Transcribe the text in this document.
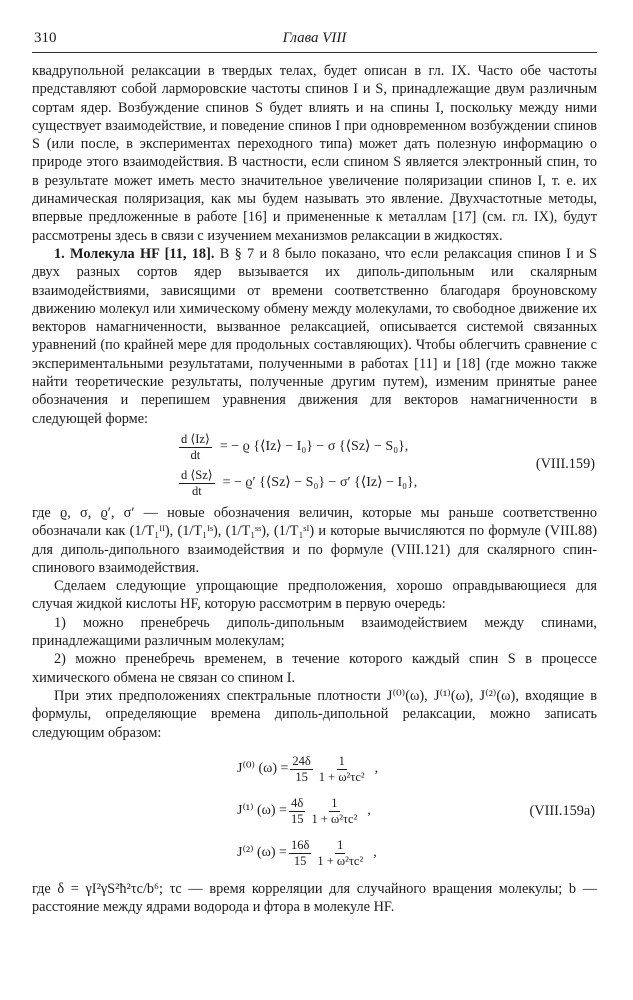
310	Глава VIII

квадрупольной релаксации в твердых телах, будет описан в гл. IX. Часто обе частоты представляют собой ларморовские частоты спинов I и S, принадлежащие двум различным сортам ядер. Возбуждение спинов S будет влиять и на спины I, поскольку между ними существует взаимодействие, и поведение спинов I при одновременном возбуждении спинов S (или после, в экспериментах переходного типа) может дать полезную информацию о природе этого взаимодействия. В частности, если спином S является электронный спин, то в результате может иметь место значительное увеличение поляризации спинов I, т. е. их динамическая поляризация, как мы будем называть это явление. Двухчастотные методы, впервые предложенные в работе [16] и примененные к металлам [17] (см. гл. IX), будут рассмотрены здесь в связи с изучением механизмов релаксации в жидкостях.

1. Молекула HF [11, 18]. В § 7 и 8 было показано, что если релаксация спинов I и S двух разных сортов ядер вызывается их диполь-дипольным или скалярным взаимодействиями, зависящими от времени соответственно благодаря броуновскому движению молекул или химическому обмену между молекулами, то свободное движение их векторов намагниченности, вызванное релаксацией, описывается системой связанных уравнений (по крайней мере для продольных составляющих). Чтобы облегчить сравнение с экспериментальными результатами, полученными в работах [11] и [18] (где можно также найти теоретические результаты, полученные другим путем), изменим принятые ранее обозначения и перепишем уравнения движения для векторов намагниченности в следующей форме:

$\frac{d ⟨Iz⟩}{dt}$ = − ϱ {⟨Iz⟩ − I₀} − σ {⟨Sz⟩ − S₀},
$\frac{d ⟨Sz⟩}{dt}$ = − ϱ′ {⟨Sz⟩ − S₀} − σ′ {⟨Iz⟩ − I₀},
(VIII.159)

где ϱ, σ, ϱ′, σ′ — новые обозначения величин, которые мы раньше соответственно обозначали как (1/T₁ᴵᴵ), (1/T₁ᴵˢ), (1/T₁ˢˢ), (1/T₁ˢᴵ) и которые вычисляются по формуле (VIII.88) для диполь-дипольного взаимодействия и по формуле (VIII.121) для скалярного спин-спинового взаимодействия.

Сделаем следующие упрощающие предположения, хорошо оправдывающиеся для случая жидкой кислоты HF, которую рассмотрим в первую очередь:

1) можно пренебречь диполь-дипольным взаимодействием между спинами, принадлежащими различным молекулам;

2) можно пренебречь временем, в течение которого каждый спин S в процессе химического обмена не связан со спином I.

При этих предположениях спектральные плотности J⁽⁰⁾(ω), J⁽¹⁾(ω), J⁽²⁾(ω), входящие в формулы, определяющие времена диполь-дипольной релаксации, можно записать следующим образом:

J⁽⁰⁾ $(\omega) = \frac{24\delta}{15} \frac{1}{\text{1 + ω²τc²}}$ ,
J⁽¹⁾ $(\omega) = \frac{4\delta}{15} \frac{1}{\text{1 + ω²τc²}}$ ,
J⁽²⁾ $(\omega) = \frac{16\delta}{15} \frac{1}{\text{1 + ω²τc²}}$ ,
(VIII.159a)

где δ = γI²γS²ħ²τc/b⁶; τc — время корреляции для случайного вращения молекулы; b — расстояние между ядрами водорода и фтора в молекуле HF.
